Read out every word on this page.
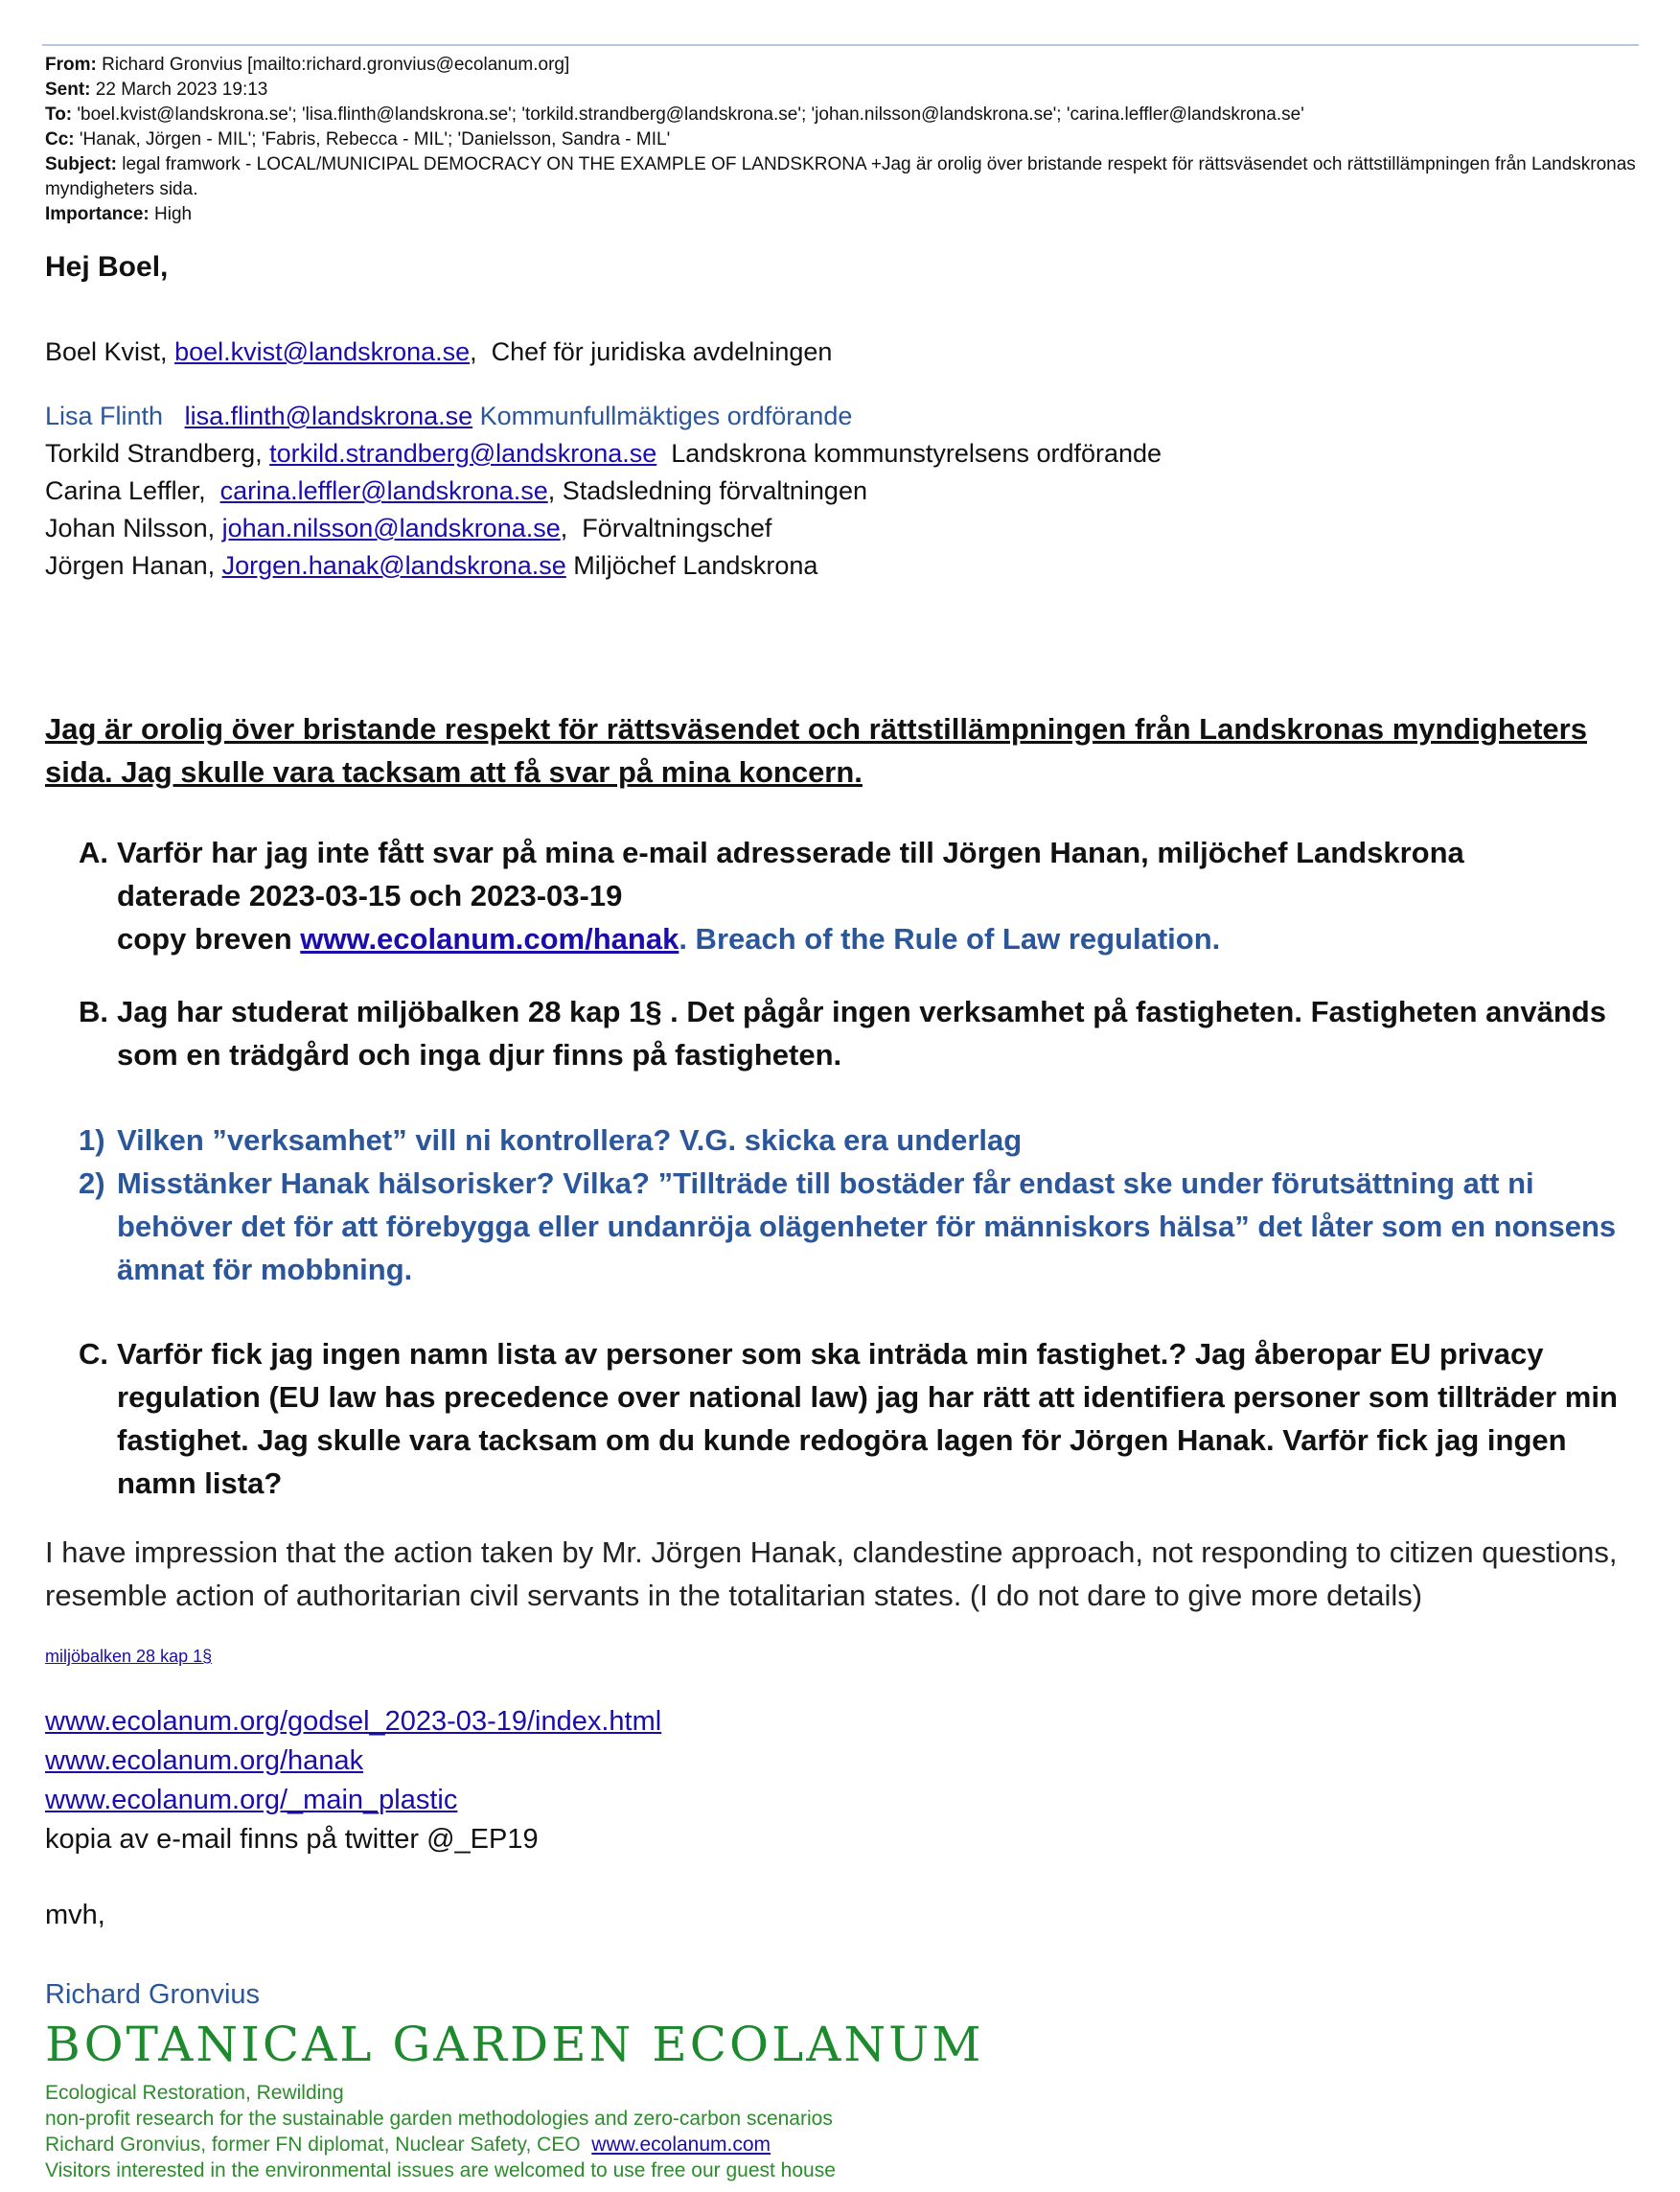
From: Richard Gronvius [mailto:richard.gronvius@ecolanum.org]
Sent: 22 March 2023 19:13
To: 'boel.kvist@landskrona.se'; 'lisa.flinth@landskrona.se'; 'torkild.strandberg@landskrona.se'; 'johan.nilsson@landskrona.se'; 'carina.leffler@landskrona.se'
Cc: 'Hanak, Jörgen - MIL'; 'Fabris, Rebecca - MIL'; 'Danielsson, Sandra - MIL'
Subject: legal framwork - LOCAL/MUNICIPAL DEMOCRACY ON THE EXAMPLE OF LANDSKRONA +Jag är orolig över bristande respekt för rättsväsendet och rättstillämpningen från Landskronas myndigheters sida.
Importance: High
Hej Boel,
Boel Kvist, boel.kvist@landskrona.se, Chef för juridiska avdelningen
Lisa Flinth lisa.flinth@landskrona.se Kommunfullmäktiges ordförande
Torkild Strandberg, torkild.strandberg@landskrona.se Landskrona kommunstyrelsens ordförande
Carina Leffler, carina.leffler@landskrona.se, Stadsledning förvaltningen
Johan Nilsson, johan.nilsson@landskrona.se, Förvaltningschef
Jörgen Hanan, Jorgen.hanak@landskrona.se Miljöchef Landskrona
Jag är orolig över bristande respekt för rättsväsendet och rättstillämpningen från Landskronas myndigheters sida. Jag skulle vara tacksam att få svar på mina koncern.
A. Varför har jag inte fått svar på mina e-mail adresserade till Jörgen Hanan, miljöchef Landskrona
daterade 2023-03-15 och 2023-03-19
copy breven www.ecolanum.com/hanak. Breach of the Rule of Law regulation.
B. Jag har studerat miljöbalken 28 kap 1§ . Det pågår ingen verksamhet på fastigheten. Fastigheten används som en trädgård och inga djur finns på fastigheten.
1) Vilken ”verksamhet” vill ni kontrollera? V.G. skicka era underlag
2) Misstänker Hanak hälsorisker? Vilka? ”Tillträde till bostäder får endast ske under förutsättning att ni behöver det för att förebygga eller undanröja olägenheter för människors hälsa” det låter som en nonsens ämnat för mobbning.
C. Varför fick jag ingen namn lista av personer som ska inträda min fastighet.? Jag åberopar EU privacy regulation (EU law has precedence over national law) jag har rätt att identifiera personer som tillträder min fastighet. Jag skulle vara tacksam om du kunde redogöra lagen för Jörgen Hanak. Varför fick jag ingen namn lista?
I have impression that the action taken by Mr. Jörgen Hanak, clandestine approach, not responding to citizen questions, resemble action of authoritarian civil servants in the totalitarian states. (I do not dare to give more details)
miljöbalken 28 kap 1§
www.ecolanum.org/godsel_2023-03-19/index.html
www.ecolanum.org/hanak
www.ecolanum.org/_main_plastic
kopia av e-mail finns på twitter @_EP19
mvh,
Richard Gronvius
BOTANICAL GARDEN ECOLANUM
Ecological Restoration, Rewilding
non-profit research for the sustainable garden methodologies and zero-carbon scenarios
Richard Gronvius, former FN diplomat, Nuclear Safety, CEO www.ecolanum.com
Visitors interested in the environmental issues are welcomed to use free our guest house
